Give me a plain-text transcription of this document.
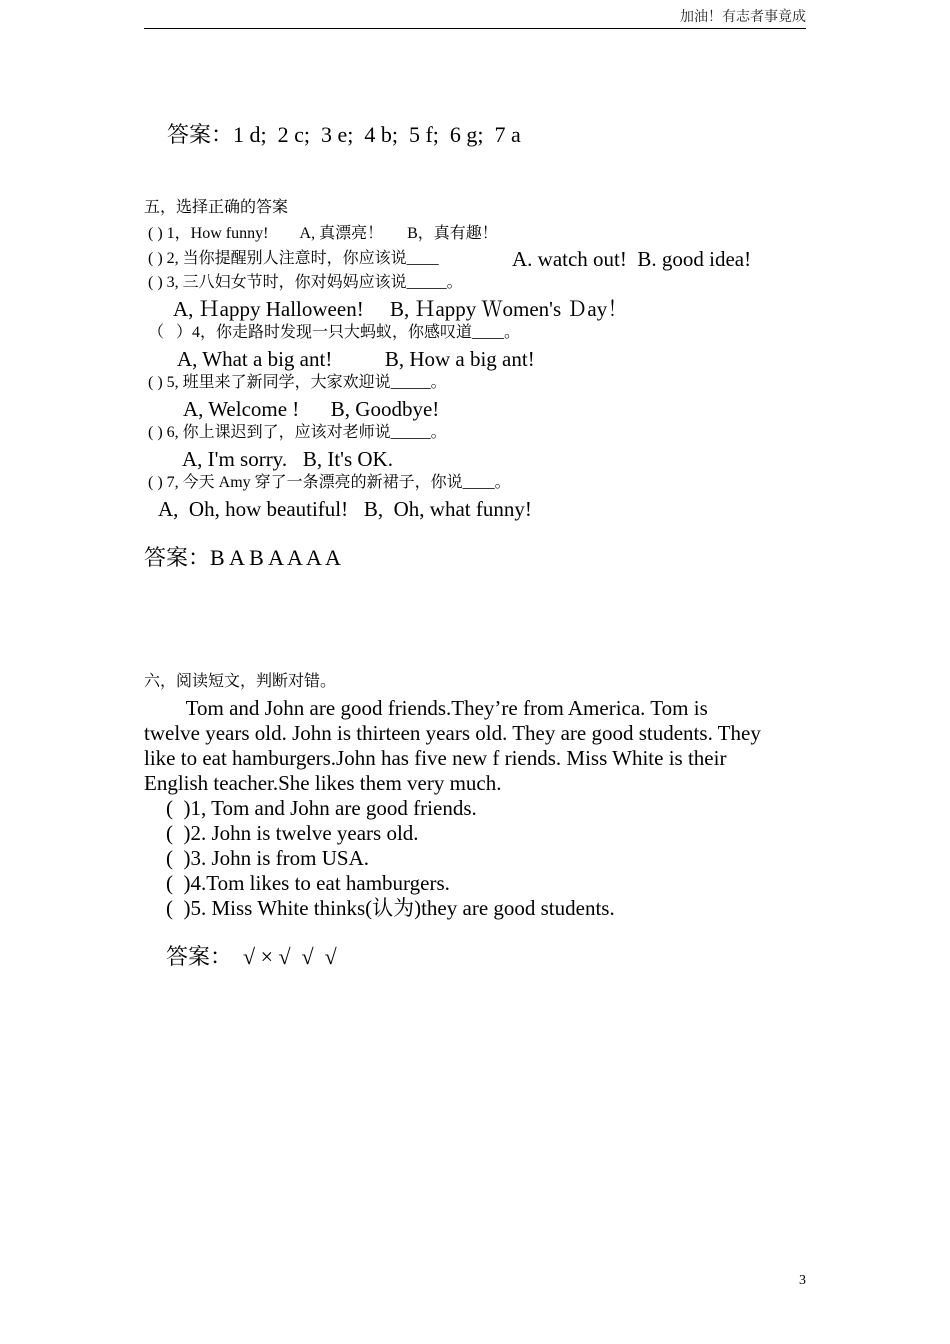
加油！有志者事竟成
答案：1 d;  2 c;  3 e;  4 b;  5 f;  6 g;  7 a
五，选择正确的答案
( ) 1，How funny!        A, 真漂亮！      B，真有趣！
( ) 2, 当你提醒别人注意时，你应该说____	A. watch out!  B. good idea!
( ) 3, 三八妇女节时，你对妈妈应该说_____。
A, Ｈappy Halloween!     B, Ｈappy Ｗomen's Ｄay！
（   ）4，你走路时发现一只大蚂蚁，你感叹道____。
A, What a big ant!          B, How a big ant!
( ) 5, 班里来了新同学，大家欢迎说_____。
A, Welcome !      B, Goodbye!
( ) 6, 你上课迟到了，应该对老师说_____。
A, I'm sorry.   B, It's OK.
( ) 7, 今天 Amy 穿了一条漂亮的新裙子，你说____。
A,  Oh, how beautiful!   B,  Oh, what funny!
答案：B A B A A A A
六，阅读短文，判断对错。
Tom and John are good friends.They’re from America. Tom is
twelve years old. John is thirteen years old. They are good students. They
like to eat hamburgers.John has five new f riends. Miss White is their
English teacher.She likes them very much.
(  )1, Tom and John are good friends.
(  )2. John is twelve years old.
(  )3. John is from USA.
(  )4.Tom likes to eat hamburgers.
(  )5. Miss White thinks(认为)they are good students.
答案：  √ × √  √  √
3
